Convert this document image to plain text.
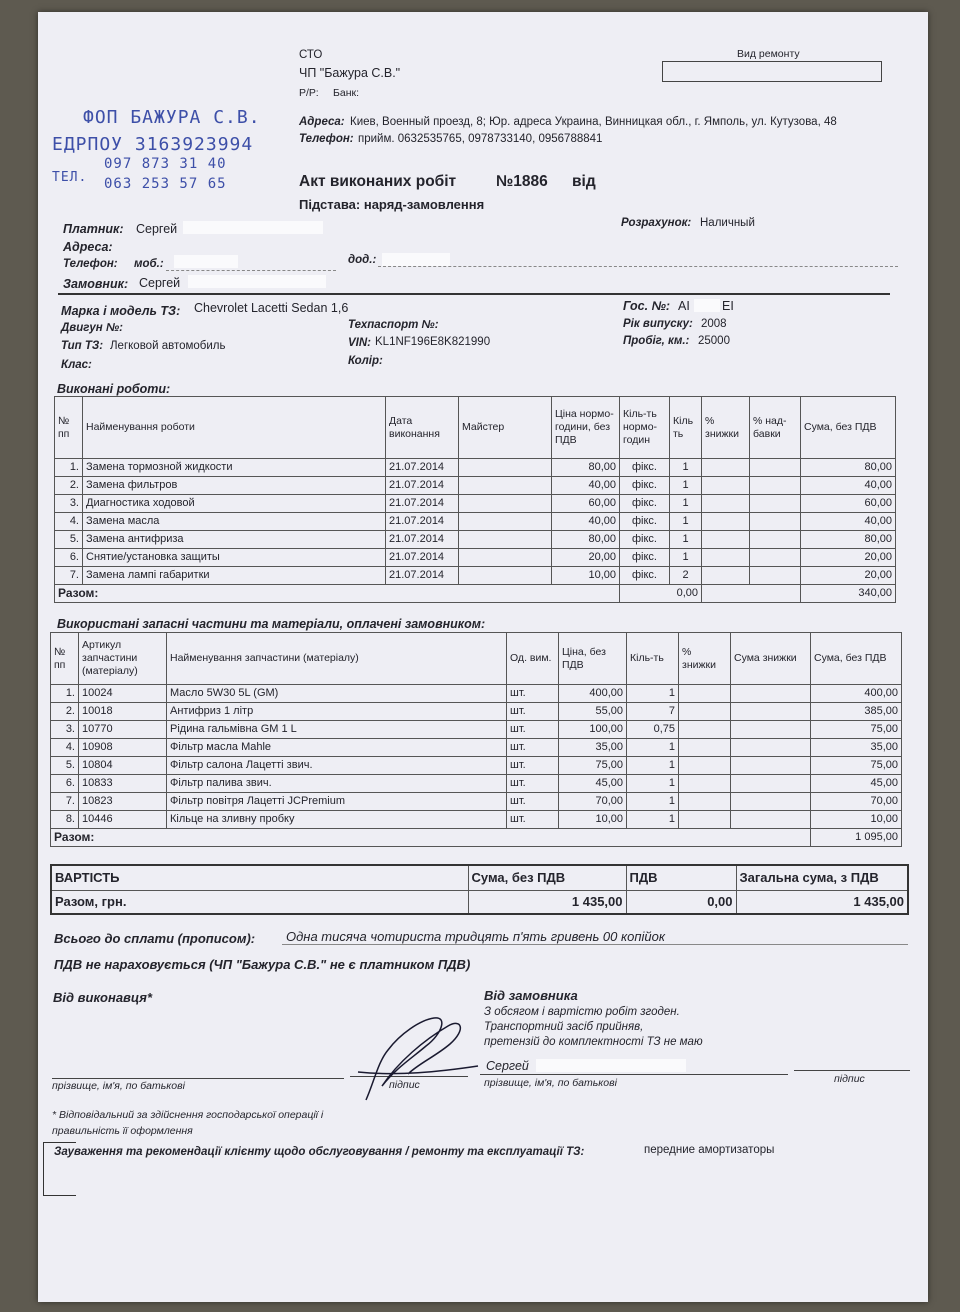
ФОП БАЖУРА С.В.
ЕДРПОУ 3163923994
097 873 31 40
ТЕЛ. 063 253 57 65
СТО
ЧП "Бажура С.В."
Р/Р: Банк:
Вид ремонту
Адреса: Киев, Военный проезд, 8; Юр. адреса Украина, Винницкая обл., г. Ямполь, ул. Кутузова, 48
Телефон: прийм. 0632535765, 0978733140, 0956788841
Акт виконаних робіт	№1886 від
Підстава: наряд-замовлення
Платник: Сергей	Розрахунок: Наличный
Адреса:
Телефон: моб.:	дод.:
Замовник: Сергей
Марка і модель ТЗ: Chevrolet Lacetti Sedan 1,6
Двигун №:
Тип ТЗ: Легковой автомобиль
Клас:
Техпаспорт №:
VIN: KL1NF196E8K821990
Колір:
Гос. №: AI	EI
Рік випуску: 2008
Пробіг, км.: 25000
Виконані роботи:
№ пп	Найменування роботи	Дата виконання	Майстер	Ціна нормо-години, без ПДВ	Кіль-ть нормо-годин	Кіль ть	% знижки	% над-бавки	Сума, без ПДВ
1.	Замена тормозной жидкости	21.07.2014		80,00	фікс.	1			80,00
2.	Замена фильтров	21.07.2014		40,00	фікс.	1			40,00
3.	Диагностика ходовой	21.07.2014		60,00	фікс.	1			60,00
4.	Замена масла	21.07.2014		40,00	фікс.	1			40,00
5.	Замена антифриза	21.07.2014		80,00	фікс.	1			80,00
6.	Снятие/установка защиты	21.07.2014		20,00	фікс.	1			20,00
7.	Замена лампі габаритки	21.07.2014		10,00	фікс.	2			20,00
Разом:					0,00				340,00
Використані запасні частини та матеріали, оплачені замовником:
№ пп	Артикул запчастини (матеріалу)	Найменування запчастини (матеріалу)	Од. вим.	Ціна, без ПДВ	Кіль-ть	% знижки	Сума знижки	Сума, без ПДВ
1.	10024	Масло 5W30 5L (GM)	шт.	400,00	1			400,00
2.	10018	Антифриз 1 літр	шт.	55,00	7			385,00
3.	10770	Рідина гальмівна GM 1 L	шт.	100,00	0,75			75,00
4.	10908	Фільтр масла Mahle	шт.	35,00	1			35,00
5.	10804	Фільтр салона Лацетті звич.	шт.	75,00	1			75,00
6.	10833	Фільтр палива звич.	шт.	45,00	1			45,00
7.	10823	Фільтр повітря Лацетті JCPremium	шт.	70,00	1			70,00
8.	10446	Кільце на зливну пробку	шт.	10,00	1			10,00
Разом:								1 095,00
ВАРТІСТЬ	Сума, без ПДВ	ПДВ	Загальна сума, з ПДВ
Разом, грн.	1 435,00	0,00	1 435,00
Всього до сплати (прописом): Одна тисяча чотириста тридцять п'ять гривень 00 копійок
ПДВ не нараховується (ЧП "Бажура С.В." не є платником ПДВ)
Від виконавця*	Від замовника
З обсягом і вартістю робіт згоден.
Транспортний засіб прийняв,
претензій до комплектності ТЗ не маю
Сергей
прізвище, ім'я, по батькові	підпис	прізвище, ім'я, по батькові	підпис
* Відповідальний за здійснення господарської операції і
правильність її оформлення
Зауваження та рекомендації клієнту щодо обслуговування / ремонту та експлуатації ТЗ:	передние амортизаторы
